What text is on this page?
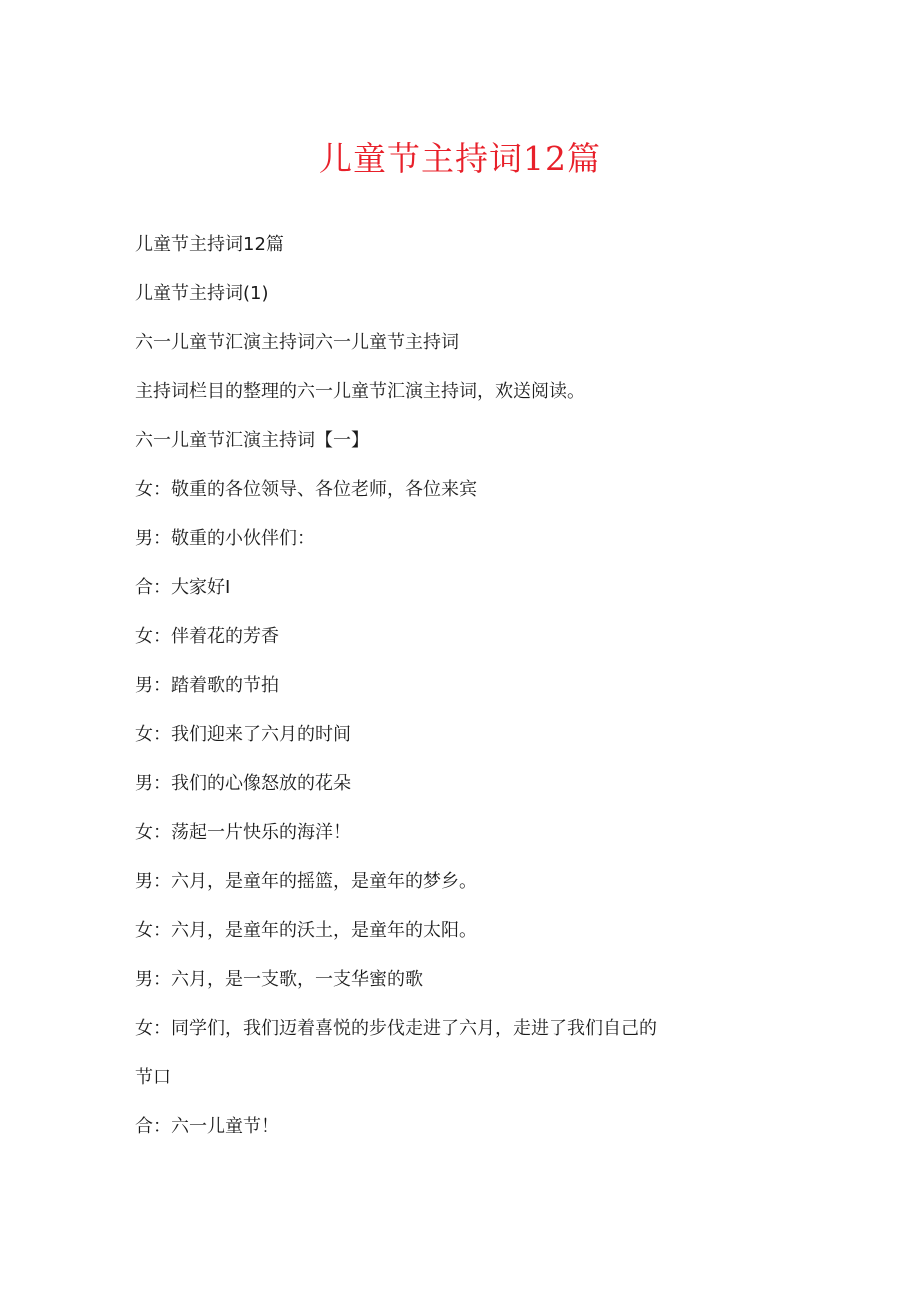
儿童节主持词12篇

儿童节主持词12篇

儿童节主持词(1)

六一儿童节汇演主持词六一儿童节主持词

主持词栏目的整理的六一儿童节汇演主持词，欢送阅读。

六一儿童节汇演主持词【一】

女：敬重的各位领导、各位老师，各位来宾

男：敬重的小伙伴们：

合：大家好I

女：伴着花的芳香

男：踏着歌的节拍

女：我们迎来了六月的时间

男：我们的心像怒放的花朵

女：荡起一片快乐的海洋！

男：六月，是童年的摇篮，是童年的梦乡。

女：六月，是童年的沃土，是童年的太阳。

男：六月，是一支歌，一支华蜜的歌

女：同学们，我们迈着喜悦的步伐走进了六月，走进了我们自己的

节口

合：六一儿童节！
